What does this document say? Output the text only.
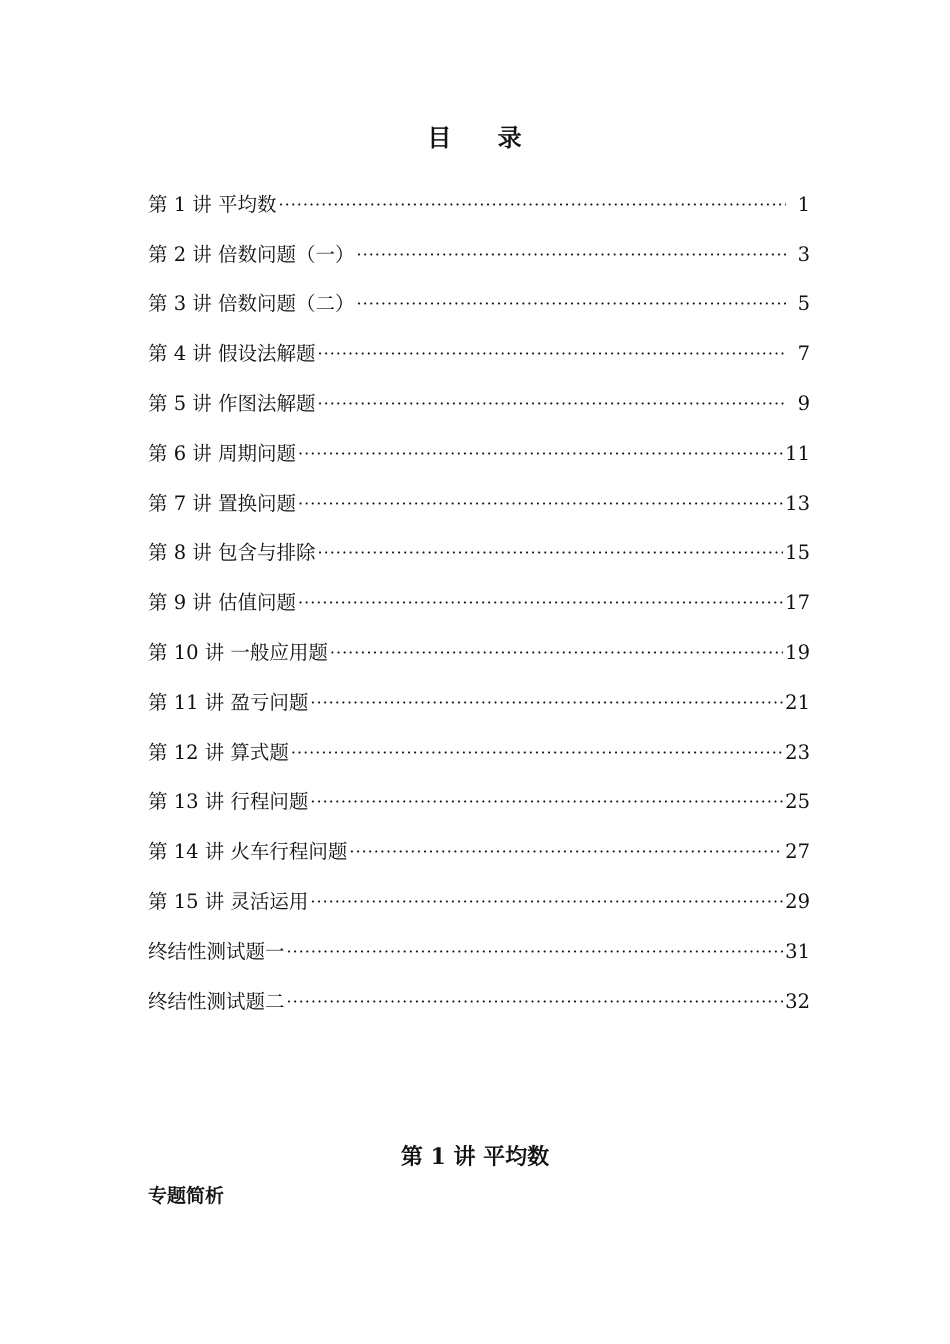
目 录
第 1 讲 平均数 ·····	1
第 2 讲 倍数问题（一） ·····	3
第 3 讲 倍数问题（二） ·····	5
第 4 讲 假设法解题 ·····	7
第 5 讲 作图法解题 ·····	9
第 6 讲 周期问题 ·····	11
第 7 讲 置换问题 ·····	13
第 8 讲 包含与排除 ·····	15
第 9 讲 估值问题 ·····	17
第 10 讲 一般应用题 ·····	19
第 11 讲 盈亏问题 ·····	21
第 12 讲 算式题 ·····	23
第 13 讲 行程问题 ·····	25
第 14 讲 火车行程问题 ·····	27
第 15 讲 灵活运用 ·····	29
终结性测试题一 ·····	31
终结性测试题二 ·····	32
第 1 讲 平均数
专题简析
